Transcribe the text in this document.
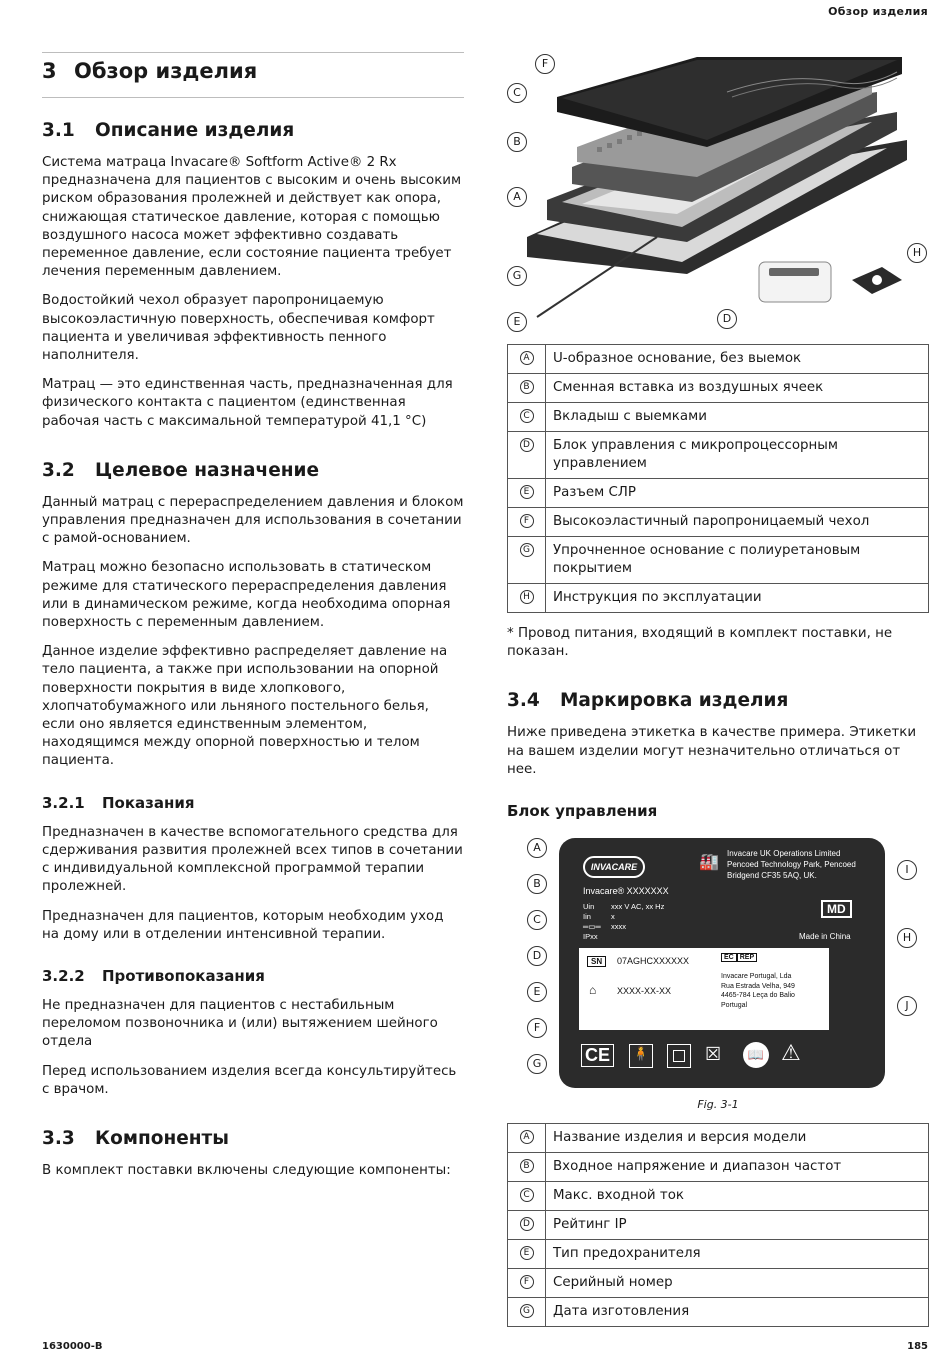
Обзор изделия
3 Обзор изделия
3.1 Описание изделия
Система матраца Invacare® Softform Active® 2 Rx предназначена для пациентов с высоким и очень высоким риском образования пролежней и действует как опора, снижающая статическое давление, которая с помощью воздушного насоса может эффективно создавать переменное давление, если состояние пациента требует лечения переменным давлением.
Водостойкий чехол образует паропроницаемую высокоэластичную поверхность, обеспечивая комфорт пациента и увеличивая эффективность пенного наполнителя.
Матрац — это единственная часть, предназначенная для физического контакта с пациентом (единственная рабочая часть с максимальной температурой 41,1 °C)
3.2 Целевое назначение
Данный матрац с перераспределением давления и блоком управления предназначен для использования в сочетании с рамой-основанием.
Матрац можно безопасно использовать в статическом режиме для статического перераспределения давления или в динамическом режиме, когда необходима опорная поверхность с переменным давлением.
Данное изделие эффективно распределяет давление на тело пациента, а также при использовании на опорной поверхности покрытия в виде хлопкового, хлопчатобумажного или льняного постельного белья, если оно является единственным элементом, находящимся между опорной поверхностью и телом пациента.
3.2.1 Показания
Предназначен в качестве вспомогательного средства для сдерживания развития пролежней всех типов в сочетании с индивидуальной комплексной программой терапии пролежней.
Предназначен для пациентов, которым необходим уход на дому или в отделении интенсивной терапии.
3.2.2 Противопоказания
Не предназначен для пациентов с нестабильным переломом позвоночника и (или) вытяжением шейного отдела
Перед использованием изделия всегда консультируйтесь с врачом.
3.3 Компоненты
В комплект поставки включены следующие компоненты:
F
C
B
A
G
E	D
H
A	U-образное основание, без выемок
B	Сменная вставка из воздушных ячеек
C	Вкладыш с выемками
D	Блок управления с микропроцессорным управлением
E	Разъем СЛР
F	Высокоэластичный паропроницаемый чехол
G	Упрочненное основание с полиуретановым покрытием
H	Инструкция по эксплуатации
* Провод питания, входящий в комплект поставки, не показан.
3.4 Маркировка изделия
Ниже приведена этикетка в качестве примера. Этикетки на вашем изделии могут незначительно отличаться от нее.
Блок управления
INVACARE	🏭
Invacare UK Operations Limited
Pencoed Technology Park, Pencoed
Bridgend CF35 5AQ, UK.
Invacare® XXXXXXX
Uin xxx V AC, xx Hz
Iin	x
═▭═ xxxx
IPxx
MD
Made in China
SN	07AGHCXXXXXX
⌂ XXXX-XX-XX
EC REP
Invacare Portugal, Lda
Rua Estrada Velha, 949
4465-784 Leça do Balio
Portugal
CE 🧍	☒	📖 ⚠
A
B
C
D
E
F
G
I
H
J
Fig. 3-1
A	Название изделия и версия модели
B	Входное напряжение и диапазон частот
C	Макс. входной ток
D	Рейтинг IP
E	Тип предохранителя
F	Серийный номер
G	Дата изготовления
1630000-B	185
